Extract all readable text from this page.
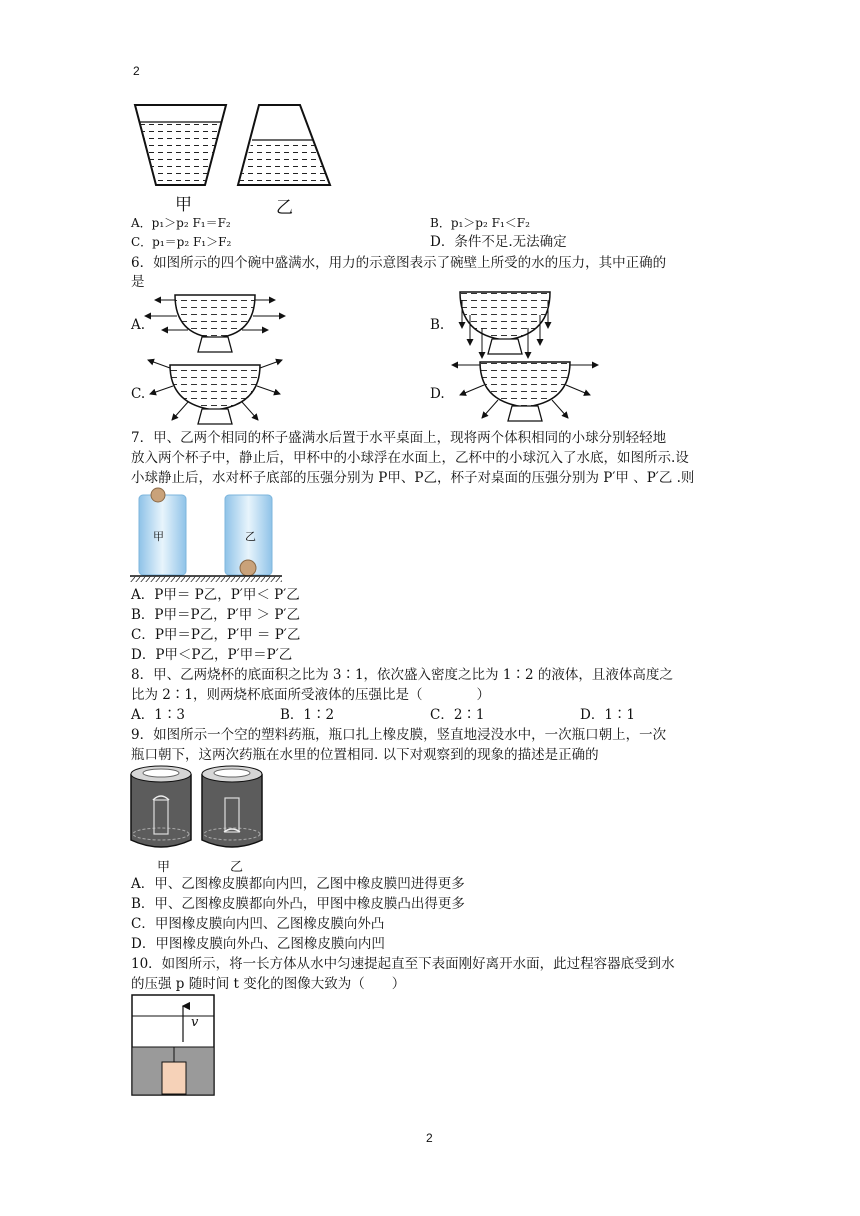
2
甲	乙
A．p₁＞p₂ F₁＝F₂	B．p₁＞p₂ F₁＜F₂
C．p₁＝p₂ F₁＞F₂	D．条件不足.无法确定
6．如图所示的四个碗中盛满水，用力的示意图表示了碗壁上所受的水的压力，其中正确的
是
A.	B.
C.	D.
7．甲、乙两个相同的杯子盛满水后置于水平桌面上，现将两个体积相同的小球分别轻轻地
放入两个杯子中，静止后，甲杯中的小球浮在水面上，乙杯中的小球沉入了水底，如图所示.设
小球静止后，水对杯子底部的压强分别为 P甲、P乙，杯子对桌面的压强分别为 P′甲 、P′乙 .则
甲	乙
A．P甲＝ P乙，P′甲＜ P′乙
B．P甲＝P乙，P′甲 ＞ P′乙
C．P甲＝P乙，P′甲 ＝ P′乙
D．P甲＜P乙，P′甲＝P′乙
8．甲、乙两烧杯的底面积之比为 3∶1，依次盛入密度之比为 1∶2 的液体，且液体高度之
比为 2∶1，则两烧杯底面所受液体的压强比是（　　　　）
A．1∶3	B．1∶2	C．2∶1	D．1∶1
9．如图所示一个空的塑料药瓶，瓶口扎上橡皮膜，竖直地浸没水中，一次瓶口朝上，一次
瓶口朝下，这两次药瓶在水里的位置相同. 以下对观察到的现象的描述是正确的
甲	乙
A．甲、乙图橡皮膜都向内凹，乙图中橡皮膜凹进得更多
B．甲、乙图橡皮膜都向外凸，甲图中橡皮膜凸出得更多
C．甲图橡皮膜向内凹、乙图橡皮膜向外凸
D．甲图橡皮膜向外凸、乙图橡皮膜向内凹
10．如图所示，将一长方体从水中匀速提起直至下表面刚好离开水面，此过程容器底受到水
的压强 p 随时间 t 变化的图像大致为（　　）
v
2
